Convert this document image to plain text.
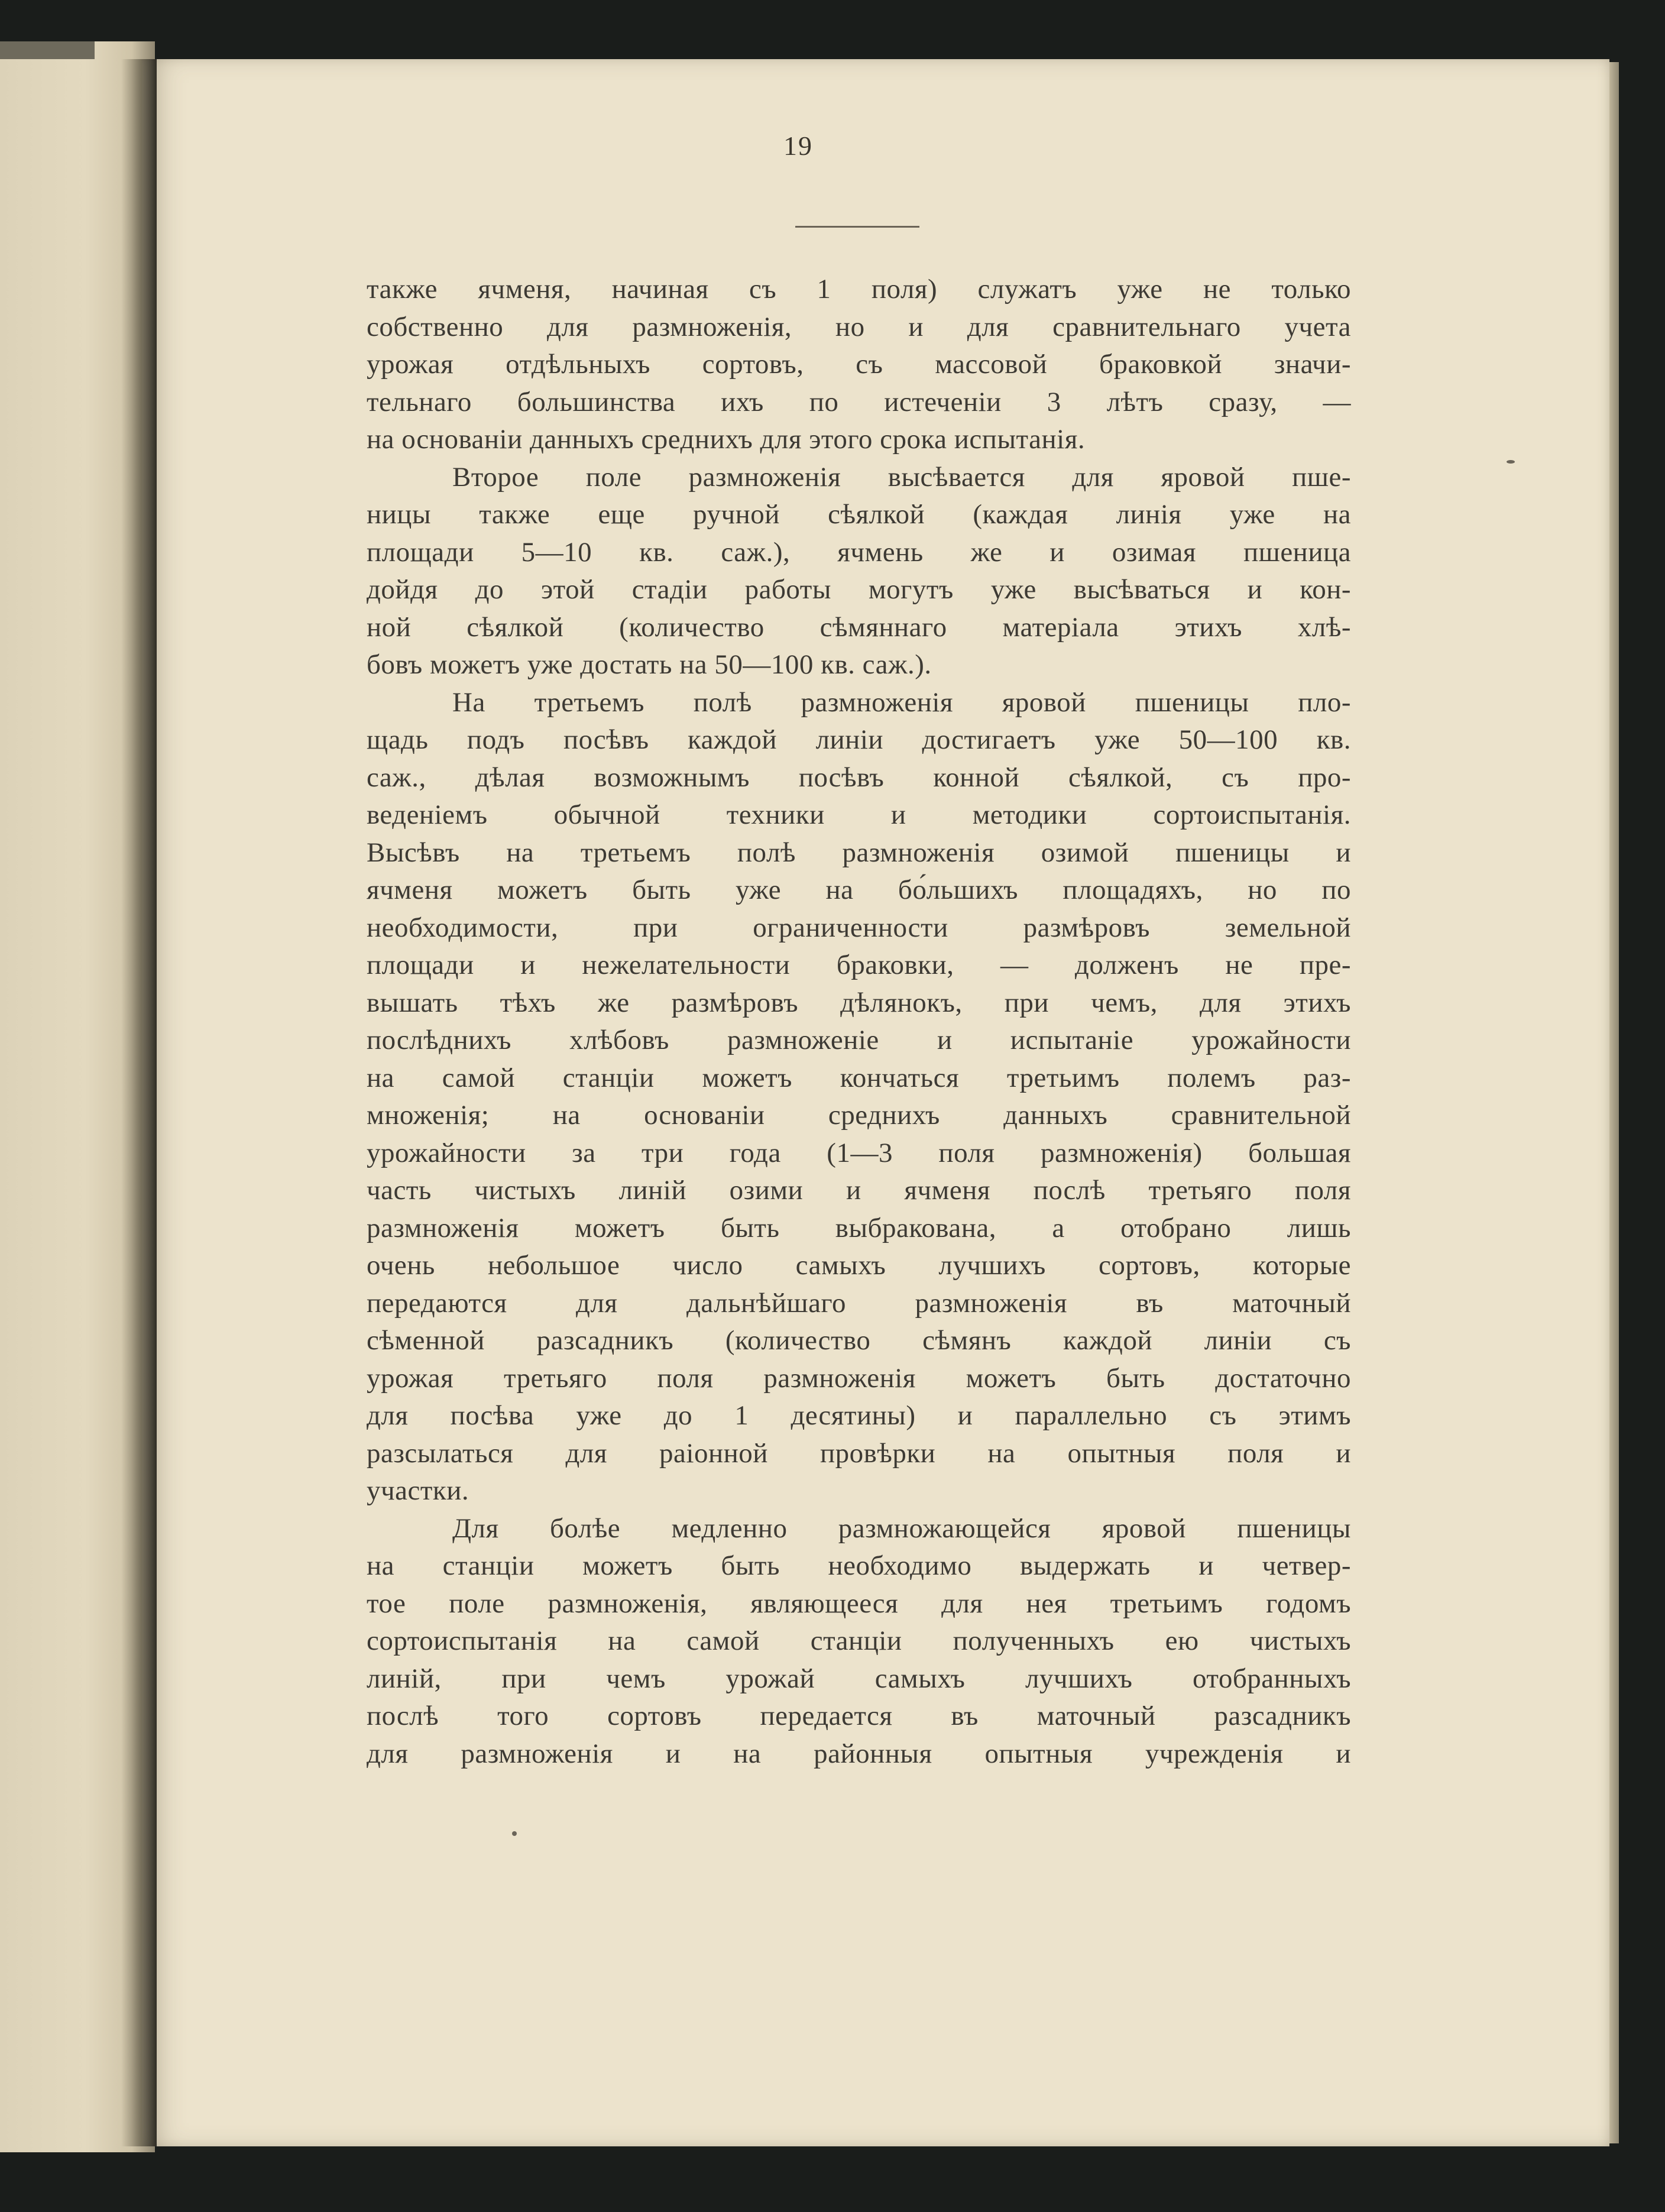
19
также ячменя, начиная съ 1 поля) служатъ уже не только
собственно для размноженія, но и для сравнительнаго учета
урожая отдѣльныхъ сортовъ, съ массовой браковкой значи-
тельнаго большинства ихъ по истеченіи 3 лѣтъ сразу, —
на основаніи данныхъ среднихъ для этого срока испытанія.
Второе поле размноженія высѣвается для яровой пше-
ницы также еще ручной сѣялкой (каждая линія уже на
площади 5—10 кв. саж.), ячмень же и озимая пшеница
дойдя до этой стадіи работы могутъ уже высѣваться и кон-
ной сѣялкой (количество сѣмяннаго матеріала этихъ хлѣ-
бовъ можетъ уже достать на 50—100 кв. саж.).
На третьемъ полѣ размноженія яровой пшеницы пло-
щадь подъ посѣвъ каждой линіи достигаетъ уже 50—100 кв.
саж., дѣлая возможнымъ посѣвъ конной сѣялкой, съ про-
веденіемъ обычной техники и методики сортоиспытанія.
Высѣвъ на третьемъ полѣ размноженія озимой пшеницы и
ячменя можетъ быть уже на бо́льшихъ площадяхъ, но по
необходимости, при ограниченности размѣровъ земельной
площади и нежелательности браковки, — долженъ не пре-
вышать тѣхъ же размѣровъ дѣлянокъ, при чемъ, для этихъ
послѣднихъ хлѣбовъ размноженіе и испытаніе урожайности
на самой станціи можетъ кончаться третьимъ полемъ раз-
множенія; на основаніи среднихъ данныхъ сравнительной
урожайности за три года (1—3 поля размноженія) большая
часть чистыхъ линій озими и ячменя послѣ третьяго поля
размноженія можетъ быть выбракована, а отобрано лишь
очень небольшое число самыхъ лучшихъ сортовъ, которые
передаются для дальнѣйшаго размноженія въ маточный
сѣменной разсадникъ (количество сѣмянъ каждой линіи съ
урожая третьяго поля размноженія можетъ быть достаточно
для посѣва уже до 1 десятины) и параллельно съ этимъ
разсылаться для раіонной провѣрки на опытныя поля и
участки.
Для болѣе медленно размножающейся яровой пшеницы
на станціи можетъ быть необходимо выдержать и четвер-
тое поле размноженія, являющееся для нея третьимъ годомъ
сортоиспытанія на самой станціи полученныхъ ею чистыхъ
линій, при чемъ урожай самыхъ лучшихъ отобранныхъ
послѣ того сортовъ передается въ маточный разсадникъ
для размноженія и на районныя опытныя учрежденія и
